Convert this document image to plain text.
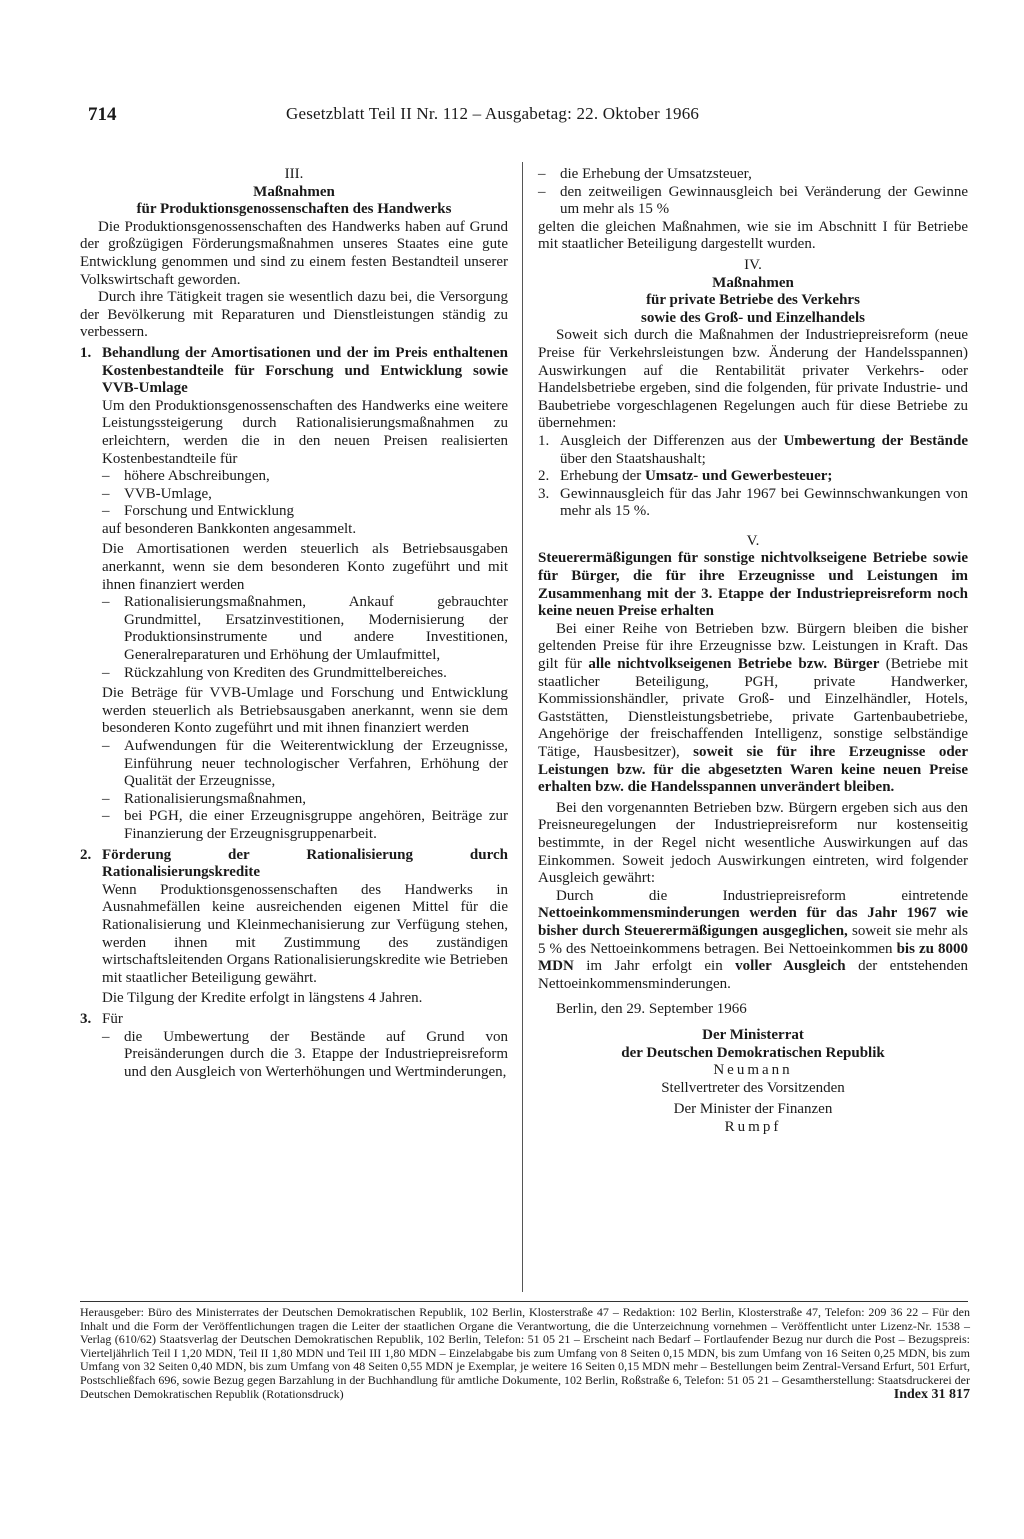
714	Gesetzblatt Teil II Nr. 112 – Ausgabetag: 22. Oktober 1966

III.

Maßnahmen

für Produktionsgenossenschaften des Handwerks

Die Produktionsgenossenschaften des Handwerks haben auf Grund der großzügigen Förderungsmaßnahmen unseres Staates eine gute Entwicklung genommen und sind zu einem festen Bestandteil unserer Volkswirtschaft geworden.

Durch ihre Tätigkeit tragen sie wesentlich dazu bei, die Versorgung der Bevölkerung mit Reparaturen und Dienstleistungen ständig zu verbessern.

1. Behandlung der Amortisationen und der im Preis enthaltenen Kostenbestandteile für Forschung und Entwicklung sowie VVB-Umlage

Um den Produktionsgenossenschaften des Handwerks eine weitere Leistungssteigerung durch Rationalisierungsmaßnahmen zu erleichtern, werden die in den neuen Preisen realisierten Kostenbestandteile für

– höhere Abschreibungen,
– VVB-Umlage,
– Forschung und Entwicklung

auf besonderen Bankkonten angesammelt.

Die Amortisationen werden steuerlich als Betriebsausgaben anerkannt, wenn sie dem besonderen Konto zugeführt und mit ihnen finanziert werden

– Rationalisierungsmaßnahmen, Ankauf gebrauchter Grundmittel, Ersatzinvestitionen, Modernisierung der Produktionsinstrumente und andere Investitionen, Generalreparaturen und Erhöhung der Umlaufmittel,
– Rückzahlung von Krediten des Grundmittelbereiches.

Die Beträge für VVB-Umlage und Forschung und Entwicklung werden steuerlich als Betriebsausgaben anerkannt, wenn sie dem besonderen Konto zugeführt und mit ihnen finanziert werden

– Aufwendungen für die Weiterentwicklung der Erzeugnisse, Einführung neuer technologischer Verfahren, Erhöhung der Qualität der Erzeugnisse,
– Rationalisierungsmaßnahmen,
– bei PGH, die einer Erzeugnisgruppe angehören, Beiträge zur Finanzierung der Erzeugnisgruppenarbeit.
2. Förderung der Rationalisierung durch Rationalisierungskredite

Wenn Produktionsgenossenschaften des Handwerks in Ausnahmefällen keine ausreichenden eigenen Mittel für die Rationalisierung und Kleinmechanisierung zur Verfügung stehen, werden ihnen mit Zustimmung des zuständigen wirtschaftsleitenden Organs Rationalisierungskredite wie Betrieben mit staatlicher Beteiligung gewährt.

Die Tilgung der Kredite erfolgt in längstens 4 Jahren.

3. Für

– die Umbewertung der Bestände auf Grund von Preisänderungen durch die 3. Etappe der Industriepreisreform und den Ausgleich von Werterhöhungen und Wertminderungen,
– die Erhebung der Umsatzsteuer,
– den zeitweiligen Gewinnausgleich bei Veränderung der Gewinne um mehr als 15 %

gelten die gleichen Maßnahmen, wie sie im Abschnitt I für Betriebe mit staatlicher Beteiligung dargestellt wurden.

IV.

Maßnahmen

für private Betriebe des Verkehrs

sowie des Groß- und Einzelhandels

Soweit sich durch die Maßnahmen der Industriepreisreform (neue Preise für Verkehrsleistungen bzw. Änderung der Handelsspannen) Auswirkungen auf die Rentabilität privater Verkehrs- oder Handelsbetriebe ergeben, sind die folgenden, für private Industrie- und Baubetriebe vorgeschlagenen Regelungen auch für diese Betriebe zu übernehmen:

1. Ausgleich der Differenzen aus der Umbewertung der Bestände über den Staatshaushalt;

2. Erhebung der Umsatz- und Gewerbesteuer;

3. Gewinnausgleich für das Jahr 1967 bei Gewinnschwankungen von mehr als 15 %.

V.

Steuerermäßigungen für sonstige nichtvolkseigene Betriebe sowie für Bürger, die für ihre Erzeugnisse und Leistungen im Zusammenhang mit der 3. Etappe der Industriepreisreform noch keine neuen Preise erhalten

Bei einer Reihe von Betrieben bzw. Bürgern bleiben die bisher geltenden Preise für ihre Erzeugnisse bzw. Leistungen in Kraft. Das gilt für alle nichtvolkseigenen Betriebe bzw. Bürger (Betriebe mit staatlicher Beteiligung, PGH, private Handwerker, Kommissionshändler, private Groß- und Einzelhändler, Hotels, Gaststätten, Dienstleistungsbetriebe, private Gartenbaubetriebe, Angehörige der freischaffenden Intelligenz, sonstige selbständige Tätige, Hausbesitzer), soweit sie für ihre Erzeugnisse oder Leistungen bzw. für die abgesetzten Waren keine neuen Preise erhalten bzw. die Handelsspannen unverändert bleiben.

Bei den vorgenannten Betrieben bzw. Bürgern ergeben sich aus den Preisneuregelungen der Industriepreisreform nur kostenseitig bestimmte, in der Regel nicht wesentliche Auswirkungen auf das Einkommen. Soweit jedoch Auswirkungen eintreten, wird folgender Ausgleich gewährt:

Durch die Industriepreisreform eintretende Nettoeinkommensminderungen werden für das Jahr 1967 wie bisher durch Steuerermäßigungen ausgeglichen, soweit sie mehr als 5 % des Nettoeinkommens betragen. Bei Nettoeinkommen bis zu 8000 MDN im Jahr erfolgt ein voller Ausgleich der entstehenden Nettoeinkommensminderungen.

Berlin, den 29. September 1966

Der Ministerrat

der Deutschen Demokratischen Republik

Neumann

Stellvertreter des Vorsitzenden

Der Minister der Finanzen

Rumpf

Herausgeber: Büro des Ministerrates der Deutschen Demokratischen Republik, 102 Berlin, Klosterstraße 47 – Redaktion: 102 Berlin, Klosterstraße 47, Telefon: 209 36 22 – Für den Inhalt und die Form der Veröffentlichungen tragen die Leiter der staatlichen Organe die Verantwortung, die die Unterzeichnung vornehmen – Veröffentlicht unter Lizenz-Nr. 1538 – Verlag (610/62) Staatsverlag der Deutschen Demokratischen Republik, 102 Berlin, Telefon: 51 05 21 – Erscheint nach Bedarf – Fortlaufender Bezug nur durch die Post – Bezugspreis: Vierteljährlich Teil I 1,20 MDN, Teil II 1,80 MDN und Teil III 1,80 MDN – Einzelabgabe bis zum Umfang von 8 Seiten 0,15 MDN, bis zum Umfang von 16 Seiten 0,25 MDN, bis zum Umfang von 32 Seiten 0,40 MDN, bis zum Umfang von 48 Seiten 0,55 MDN je Exemplar, je weitere 16 Seiten 0,15 MDN mehr – Bestellungen beim Zentral-Versand Erfurt, 501 Erfurt, Postschließfach 696, sowie Bezug gegen Barzahlung in der Buchhandlung für amtliche Dokumente, 102 Berlin, Roßstraße 6, Telefon: 51 05 21 – Gesamtherstellung: Staatsdruckerei der Deutschen Demokratischen Republik (Rotationsdruck)	Index 31 817
